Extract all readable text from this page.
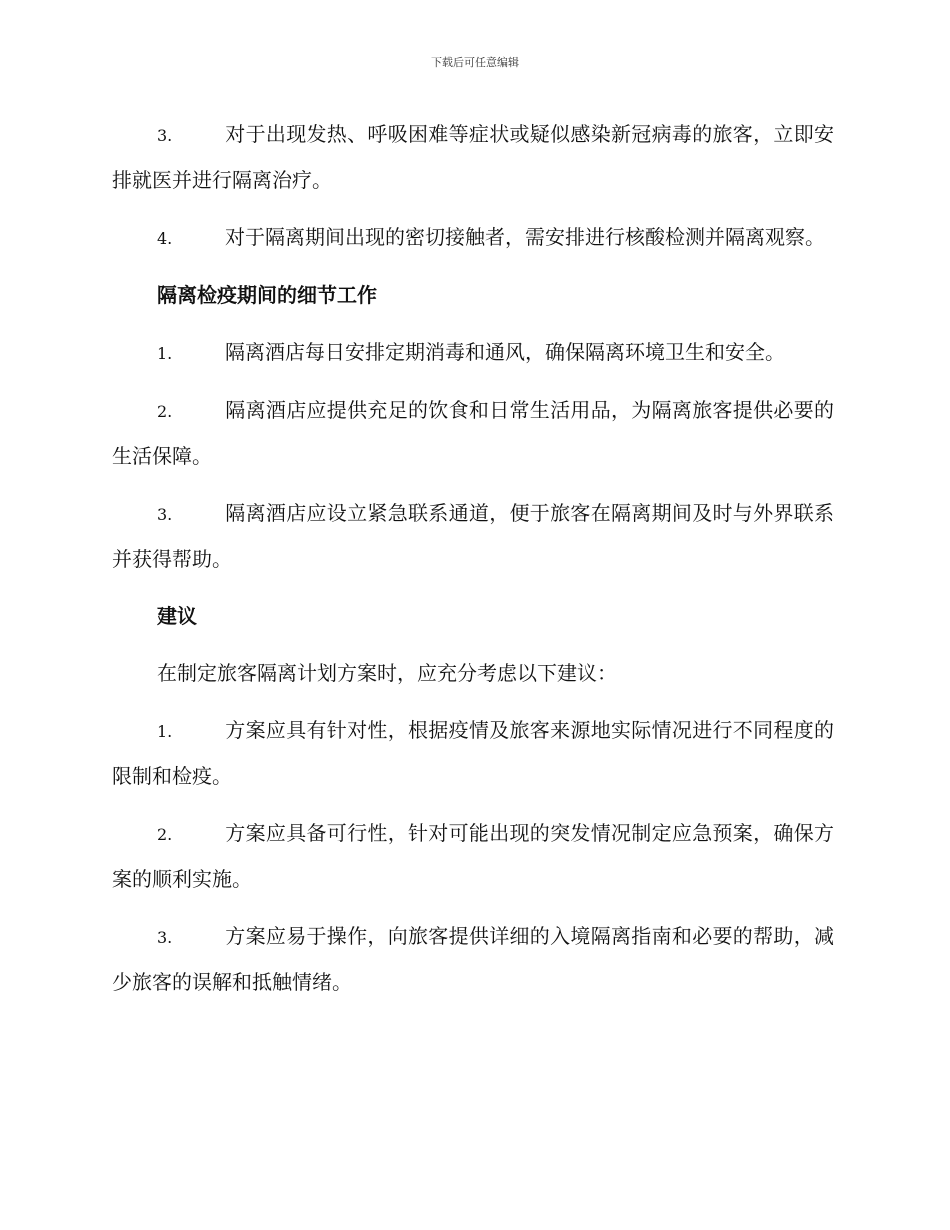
下载后可任意编辑

3.	对于出现发热、呼吸困难等症状或疑似感染新冠病毒的旅客，立即安排就医并进行隔离治疗。

4.	对于隔离期间出现的密切接触者，需安排进行核酸检测并隔离观察。

隔离检疫期间的细节工作

1.	隔离酒店每日安排定期消毒和通风，确保隔离环境卫生和安全。

2.	隔离酒店应提供充足的饮食和日常生活用品，为隔离旅客提供必要的生活保障。

3.	隔离酒店应设立紧急联系通道，便于旅客在隔离期间及时与外界联系并获得帮助。

建议

在制定旅客隔离计划方案时，应充分考虑以下建议：

1.	方案应具有针对性，根据疫情及旅客来源地实际情况进行不同程度的限制和检疫。

2.	方案应具备可行性，针对可能出现的突发情况制定应急预案，确保方案的顺利实施。

3.	方案应易于操作，向旅客提供详细的入境隔离指南和必要的帮助，减少旅客的误解和抵触情绪。
